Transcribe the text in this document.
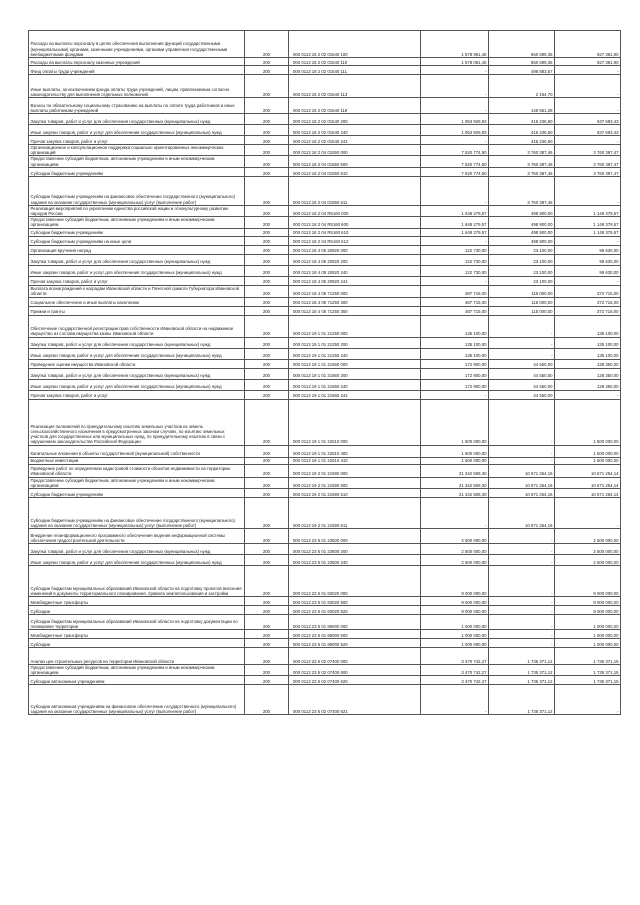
Расходы на выплаты персоналу в целях обеспечения выполнения функций государственными (муниципальными) органами, казенными учреждениями, органами управления государственными внебюджетными фондами	200	000 0113 18 2 02 01540 100	1 578 961,46	650 699,35	927 381,90
Расходы на выплаты персоналу казенных учреждений	200	000 0113 18 2 02 01540 110	1 578 081,46	650 699,35	927 381,90
Фонд оплаты труда учреждений	200	000 0113 18 2 02 01540 111	-	498 883,57	-
Иные выплаты, за исключением фонда оплаты труда учреждений, лицам, привлекаемым согласно законодательству для выполнения отдельных полномочий	200	000 0113 18 2 02 01540 113	-	2 164,70	-
Взносы по обязательному социальному страхованию на выплаты по оплате труда работников и иные выплаты работникам учреждений	200	000 0113 18 2 02 01540 119	-	149 651,28	-
Закупка товаров, работ и услуг для обеспечения государственных (муниципальных) нужд	200	000 0113 18 2 02 01540 200	1 053 929,93	416 236,50	637 693,43
Иные закупки товаров, работ и услуг для обеспечения государственных (муниципальных) нужд	200	000 0113 18 2 02 01540 240	1 053 929,93	416 236,50	637 693,43
Прочая закупка товаров, работ и услуг	200	000 0113 18 2 02 01540 244	-	416 236,50	-
Организационное и консультационное поддержка социально ориентированных некоммерческих организаций	200	000 0113 18 2 04 01550 000	7 520 774,50	3 760 387,46	3 760 387,47
Предоставление субсидий бюджетным, автономным учреждениям и иным некоммерческим организациям	200	000 0113 18 2 04 01550 600	7 520 774,50	3 760 387,46	3 760 387,47
Субсидии бюджетным учреждениям	200	000 0113 18 2 04 01550 610	7 520 774,50	3 760 387,46	3 760 387,47
Субсидии бюджетным учреждениям на финансовое обеспечение государственного (муниципального) задания на оказание государственных (муниципальных) услуг (выполнение работ)	200	000 0113 18 2 04 01550 611	-	3 760 387,46	-
Реализация мероприятий по укреплению единства российской нации и этнокультурному развитию народов России	200	000 0113 18 2 04 R5160 000	1 648 279,57	498 900,00	1 149 379,57
Предоставление субсидий бюджетным, автономным учреждениям и иным некоммерческим организациям	200	000 0113 18 2 04 R5160 600	1 648 279,57	498 900,00	1 149 379,57
Субсидии бюджетным учреждениям	200	000 0113 18 2 04 R5160 610	1 648 279,57	498 900,00	1 149 379,57
Субсидии бюджетным учреждениям на иные цели	200	000 0113 18 2 04 R5160 612	-	498 900,00	-
Организация вручения наград	200	000 0113 18 4 05 20920 000	122 730,00	23 100,00	99 630,00
Закупка товаров, работ и услуг для обеспечения государственных (муниципальных) нужд	200	000 0113 18 4 05 20920 200	122 730,00	23 100,00	99 630,00
Иные закупки товаров, работ и услуг для обеспечения государственных (муниципальных) нужд	200	000 0113 18 4 05 20920 240	122 730,00	23 100,00	99 630,00
Прочая закупка товаров, работ и услуг	200	000 0113 18 4 05 20920 244	-	23 100,00	-
Выплата вознаграждений к наградам Ивановской области и Почетной грамоте Губернатора Ивановской области	200	000 0113 18 4 05 71250 000	487 715,00	115 000,00	372 715,00
Социальное обеспечение и иные выплаты населению	200	000 0113 18 4 05 71250 300	487 715,00	115 000,00	372 715,00
Премии и гранты	200	000 0113 18 4 05 71250 350	487 715,00	115 000,00	372 715,00
Обеспечение государственной регистрации прав собственности Ивановской области на недвижимое имущество из состава имущества казны Ивановской области	200	000 0113 19 1 01 21250 000	135 100,00	-	135 100,00
Закупка товаров, работ и услуг для обеспечения государственных (муниципальных) нужд	200	000 0113 19 1 01 21250 200	135 100,00	-	135 100,00
Иные закупки товаров, работ и услуг для обеспечения государственных (муниципальных) нужд	200	000 0113 19 1 01 21250 240	135 100,00	-	135 100,00
Проведение оценки имущества Ивановской области	200	000 0113 19 1 01 21560 000	172 900,00	44 550,00	128 350,00
Закупка товаров, работ и услуг для обеспечения государственных (муниципальных) нужд	200	000 0113 19 1 01 21560 200	172 900,00	44 550,00	128 350,00
Иные закупки товаров, работ и услуг для обеспечения государственных (муниципальных) нужд	200	000 0113 19 1 01 21560 240	172 900,00	44 550,00	128 350,00
Прочая закупка товаров, работ и услуг	200	000 0113 19 1 01 21560 244	-	44 550,00	-
Реализация полномочий по принудительному изъятию земельных участков из земель сельскохозяйственного назначения в предусмотренных законом случаях, по изъятию земельных участков для государственных или муниципальных нужд, по принудительному изъятию в связи с нарушением законодательства Российской Федерации	200	000 0113 19 1 01 22610 000	1 500 000,00	-	1 500 000,00
Капитальные вложения в объекты государственной (муниципальной) собственности	200	000 0113 19 1 01 22610 400	1 500 000,00	-	1 500 000,00
Бюджетные инвестиции	200	000 0113 19 1 01 22610 410	1 500 000,00	-	1 500 000,00
Проведение работ по определению кадастровой стоимости объектов недвижимости на территории Ивановской области	200	000 0113 19 2 01 21590 000	21 342 508,30	10 671 254,16	10 671 254,14
Предоставление субсидий бюджетным, автономным учреждениям и иным некоммерческим организациям	200	000 0113 19 2 01 21590 600	21 342 508,30	10 671 254,16	10 671 254,14
Субсидии бюджетным учреждениям	200	000 0113 19 2 01 21590 610	21 342 508,30	10 671 254,16	10 671 254,14
Субсидии бюджетным учреждениям на финансовое обеспечение государственного (муниципального) задания на оказание государственных (муниципальных) услуг (выполнение работ)	200	000 0113 19 2 01 21590 611	-	10 671 254,16	-
Внедрение геоинформационного программного обеспечения ведения информационной системы обеспечения градостроительной деятельности	200	000 0113 23 5 01 23600 000	2 500 000,00	-	2 500 000,00
Закупка товаров, работ и услуг для обеспечения государственных (муниципальных) нужд	200	000 0113 23 5 01 23600 200	2 500 000,00	-	2 500 000,00
Иные закупки товаров, работ и услуг для обеспечения государственных (муниципальных) нужд	200	000 0113 23 5 01 23600 240	2 500 000,00	-	2 500 000,00
Субсидии бюджетам муниципальных образований Ивановской области на подготовку проектов внесения изменений в документы территориального планирования, правила землепользования и застройки	200	000 0113 23 5 01 83020 000	9 000 000,00	-	9 000 000,00
Межбюджетные трансферты	200	000 0113 23 5 01 83020 500	9 000 000,00	-	9 000 000,00
Субсидии	200	000 0113 23 5 01 83020 520	9 000 000,00	-	9 000 000,00
Субсидии бюджетам муниципальных образований Ивановской области на подготовку документации по планировке территории	200	000 0113 23 5 01 86000 000	1 000 000,00	-	1 000 000,00
Межбюджетные трансферты	200	000 0113 23 5 01 86000 500	1 000 000,00	-	1 000 000,00
Субсидии	200	000 0113 23 5 01 86000 520	1 000 000,00	-	1 000 000,00
Анализ цен строительных ресурсов на территории Ивановской области	200	000 0113 23 5 02 07400 000	3 470 742,27	1 735 371,12	1 735 371,15
Предоставление субсидий бюджетным, автономным учреждениям и иным некоммерческим организациям	200	000 0113 23 5 02 07400 600	3 470 742,27	1 735 371,12	1 735 371,15
Субсидии автономным учреждениям	200	000 0113 23 5 02 07400 620	3 470 742,27	1 735 371,12	1 735 371,15
Субсидии автономным учреждениям на финансовое обеспечение государственного (муниципального) задания на оказание государственных (муниципальных) услуг (выполнение работ)	200	000 0113 23 5 02 07400 621	-	1 735 371,12	-
